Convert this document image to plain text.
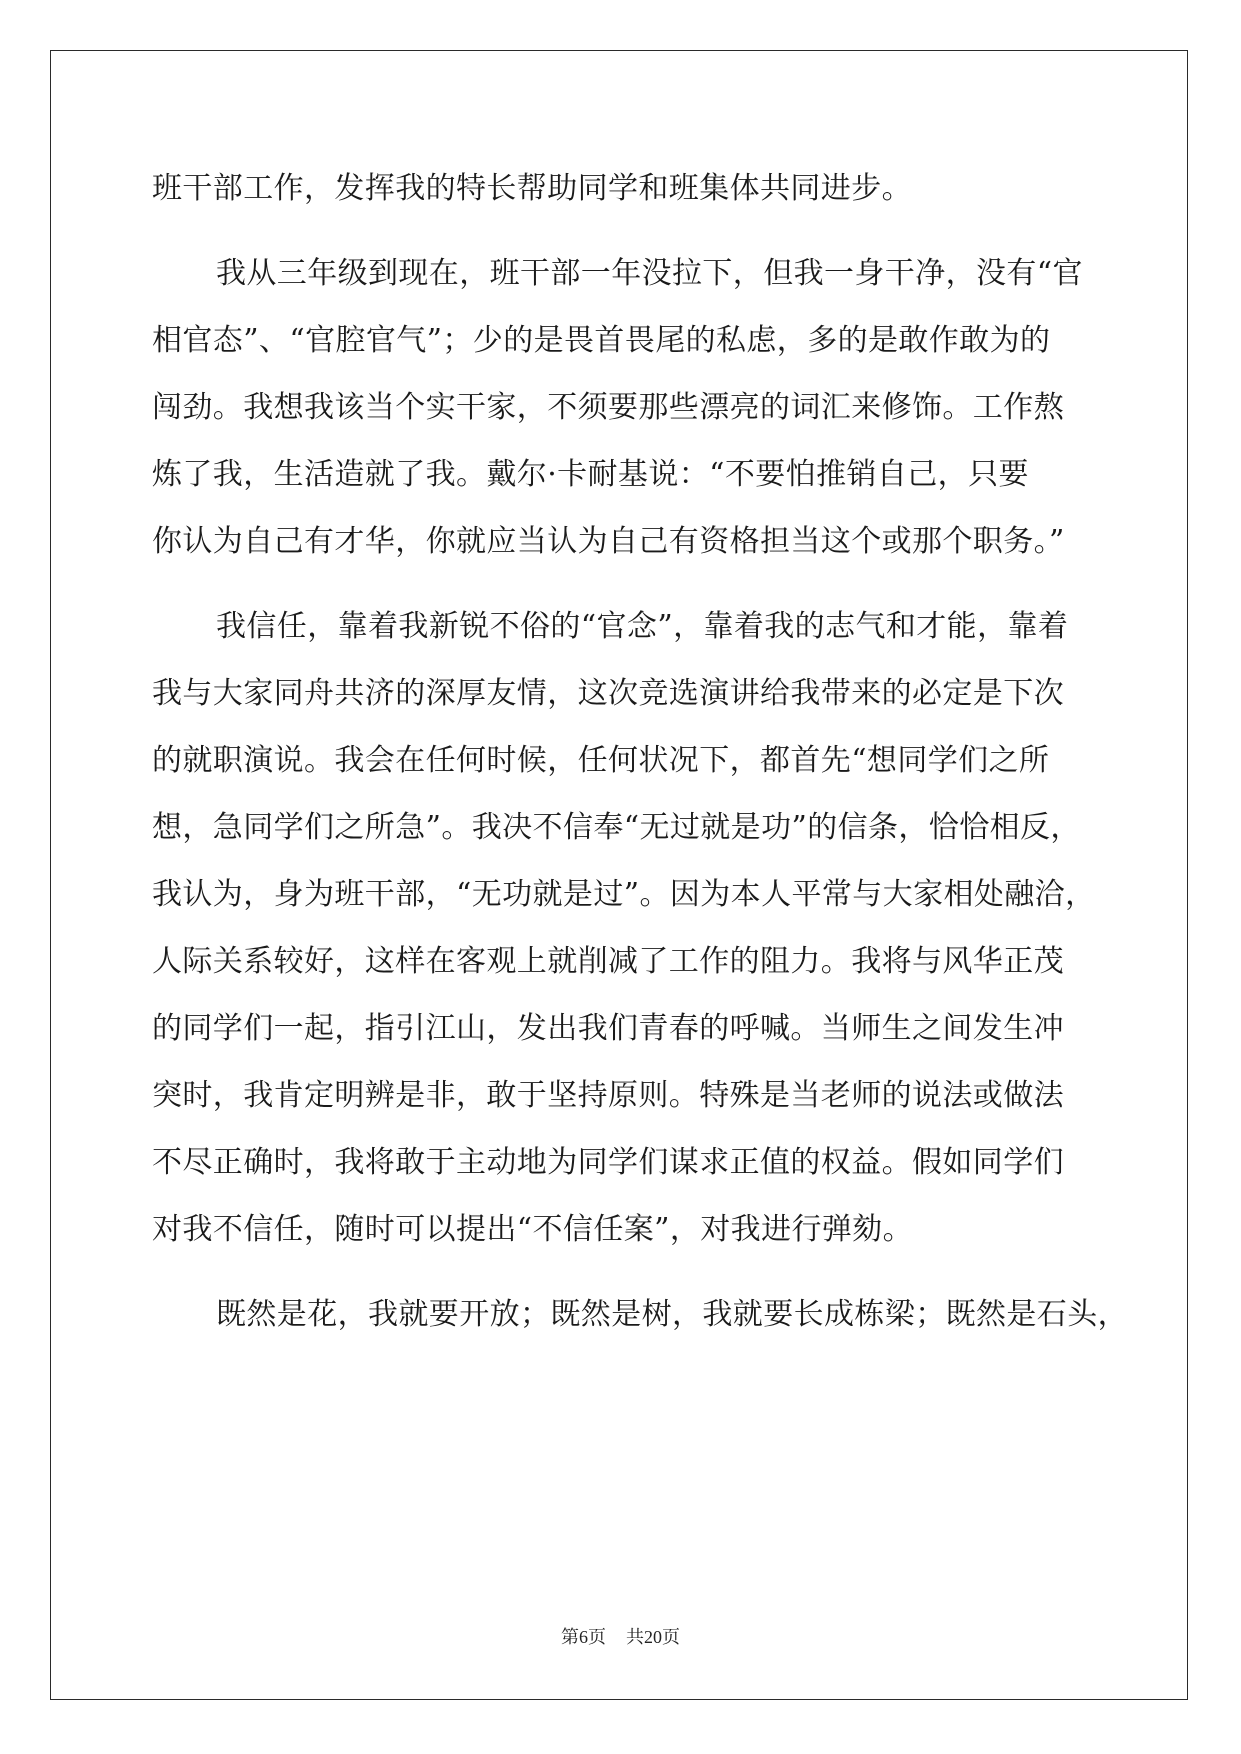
班干部工作，发挥我的特长帮助同学和班集体共同进步。
我从三年级到现在，班干部一年没拉下，但我一身干净，没有“官
相官态”、“官腔官气”；少的是畏首畏尾的私虑，多的是敢作敢为的
闯劲。我想我该当个实干家，不须要那些漂亮的词汇来修饰。工作熬
炼了我，生活造就了我。戴尔·卡耐基说：“不要怕推销自己，只要
你认为自己有才华，你就应当认为自己有资格担当这个或那个职务。”
我信任，靠着我新锐不俗的“官念”，靠着我的志气和才能，靠着
我与大家同舟共济的深厚友情，这次竞选演讲给我带来的必定是下次
的就职演说。我会在任何时候，任何状况下，都首先“想同学们之所
想，急同学们之所急”。我决不信奉“无过就是功”的信条，恰恰相反，
我认为，身为班干部，“无功就是过”。因为本人平常与大家相处融洽，
人际关系较好，这样在客观上就削减了工作的阻力。我将与风华正茂
的同学们一起，指引江山，发出我们青春的呼喊。当师生之间发生冲
突时，我肯定明辨是非，敢于坚持原则。特殊是当老师的说法或做法
不尽正确时，我将敢于主动地为同学们谋求正值的权益。假如同学们
对我不信任，随时可以提出“不信任案”，对我进行弹劾。
既然是花，我就要开放；既然是树，我就要长成栋梁；既然是石头，
第6页 共20页
